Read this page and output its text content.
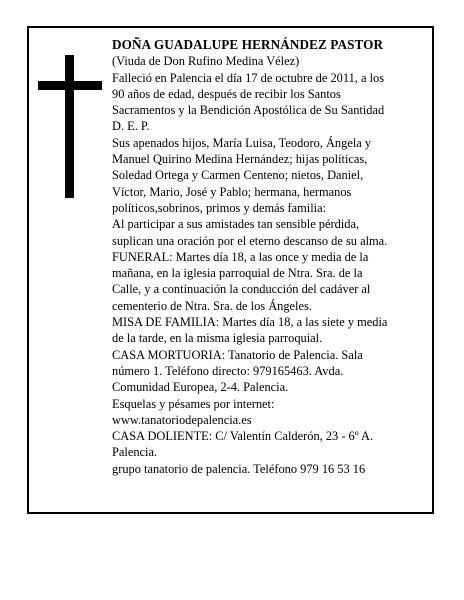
DOÑA GUADALUPE HERNÁNDEZ PASTOR

(Viuda de Don Rufino Medina Vélez)

Falleció en Palencia el día 17 de octubre de 2011, a los

90 años de edad, después de recibir los Santos

Sacramentos y la Bendición Apostólica de Su Santidad

D. E. P.

Sus apenados hijos, María Luisa, Teodoro, Ángela y

Manuel Quirino Medina Hernández; hijas políticas,

Soledad Ortega y Carmen Centeno; nietos, Daniel,

Víctor, Mario, José y Pablo; hermana, hermanos

políticos,sobrinos, primos y demás familia:

Al participar a sus amistades tan sensible pérdida,

suplican una oración por el eterno descanso de su alma.

FUNERAL: Martes día 18, a las once y media de la

mañana, en la iglesia parroquial de Ntra. Sra. de la

Calle, y a continuación la conducción del cadáver al

cementerio de Ntra. Sra. de los Ángeles.

MISA DE FAMILIA: Martes día 18, a las siete y media

de la tarde, en la misma iglesia parroquial.

CASA MORTUORIA: Tanatorio de Palencia. Sala

número 1. Teléfono directo: 979165463. Avda.

Comunidad Europea, 2-4. Palencia.

Esquelas y pésames por internet:

www.tanatoriodepalencia.es

CASA DOLIENTE: C/ Valentín Calderón, 23 - 6º A.

Palencia.

grupo tanatorio de palencia. Teléfono 979 16 53 16
